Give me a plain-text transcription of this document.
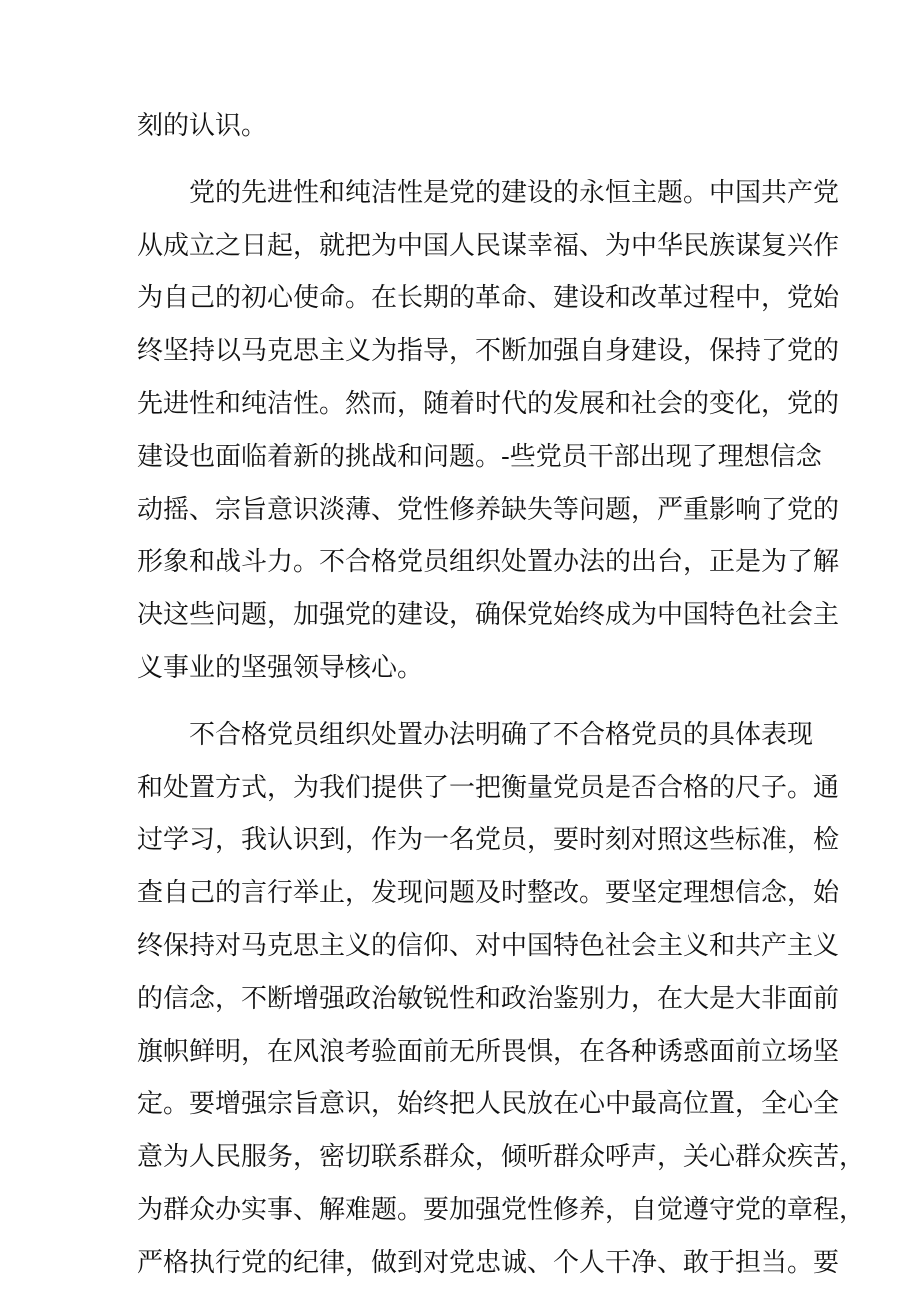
刻的认识。
党的先进性和纯洁性是党的建设的永恒主题。中国共产党
从成立之日起，就把为中国人民谋幸福、为中华民族谋复兴作
为自己的初心使命。在长期的革命、建设和改革过程中，党始
终坚持以马克思主义为指导，不断加强自身建设，保持了党的
先进性和纯洁性。然而，随着时代的发展和社会的变化，党的
建设也面临着新的挑战和问题。-些党员干部出现了理想信念
动摇、宗旨意识淡薄、党性修养缺失等问题，严重影响了党的
形象和战斗力。不合格党员组织处置办法的出台，正是为了解
决这些问题，加强党的建设，确保党始终成为中国特色社会主
义事业的坚强领导核心。
不合格党员组织处置办法明确了不合格党员的具体表现
和处置方式，为我们提供了一把衡量党员是否合格的尺子。通
过学习，我认识到，作为一名党员，要时刻对照这些标准，检
查自己的言行举止，发现问题及时整改。要坚定理想信念，始
终保持对马克思主义的信仰、对中国特色社会主义和共产主义
的信念，不断增强政治敏锐性和政治鉴别力，在大是大非面前
旗帜鲜明，在风浪考验面前无所畏惧，在各种诱惑面前立场坚
定。要增强宗旨意识，始终把人民放在心中最高位置，全心全
意为人民服务，密切联系群众，倾听群众呼声，关心群众疾苦，
为群众办实事、解难题。要加强党性修养，自觉遵守党的章程，
严格执行党的纪律，做到对党忠诚、个人干净、敢于担当。要
